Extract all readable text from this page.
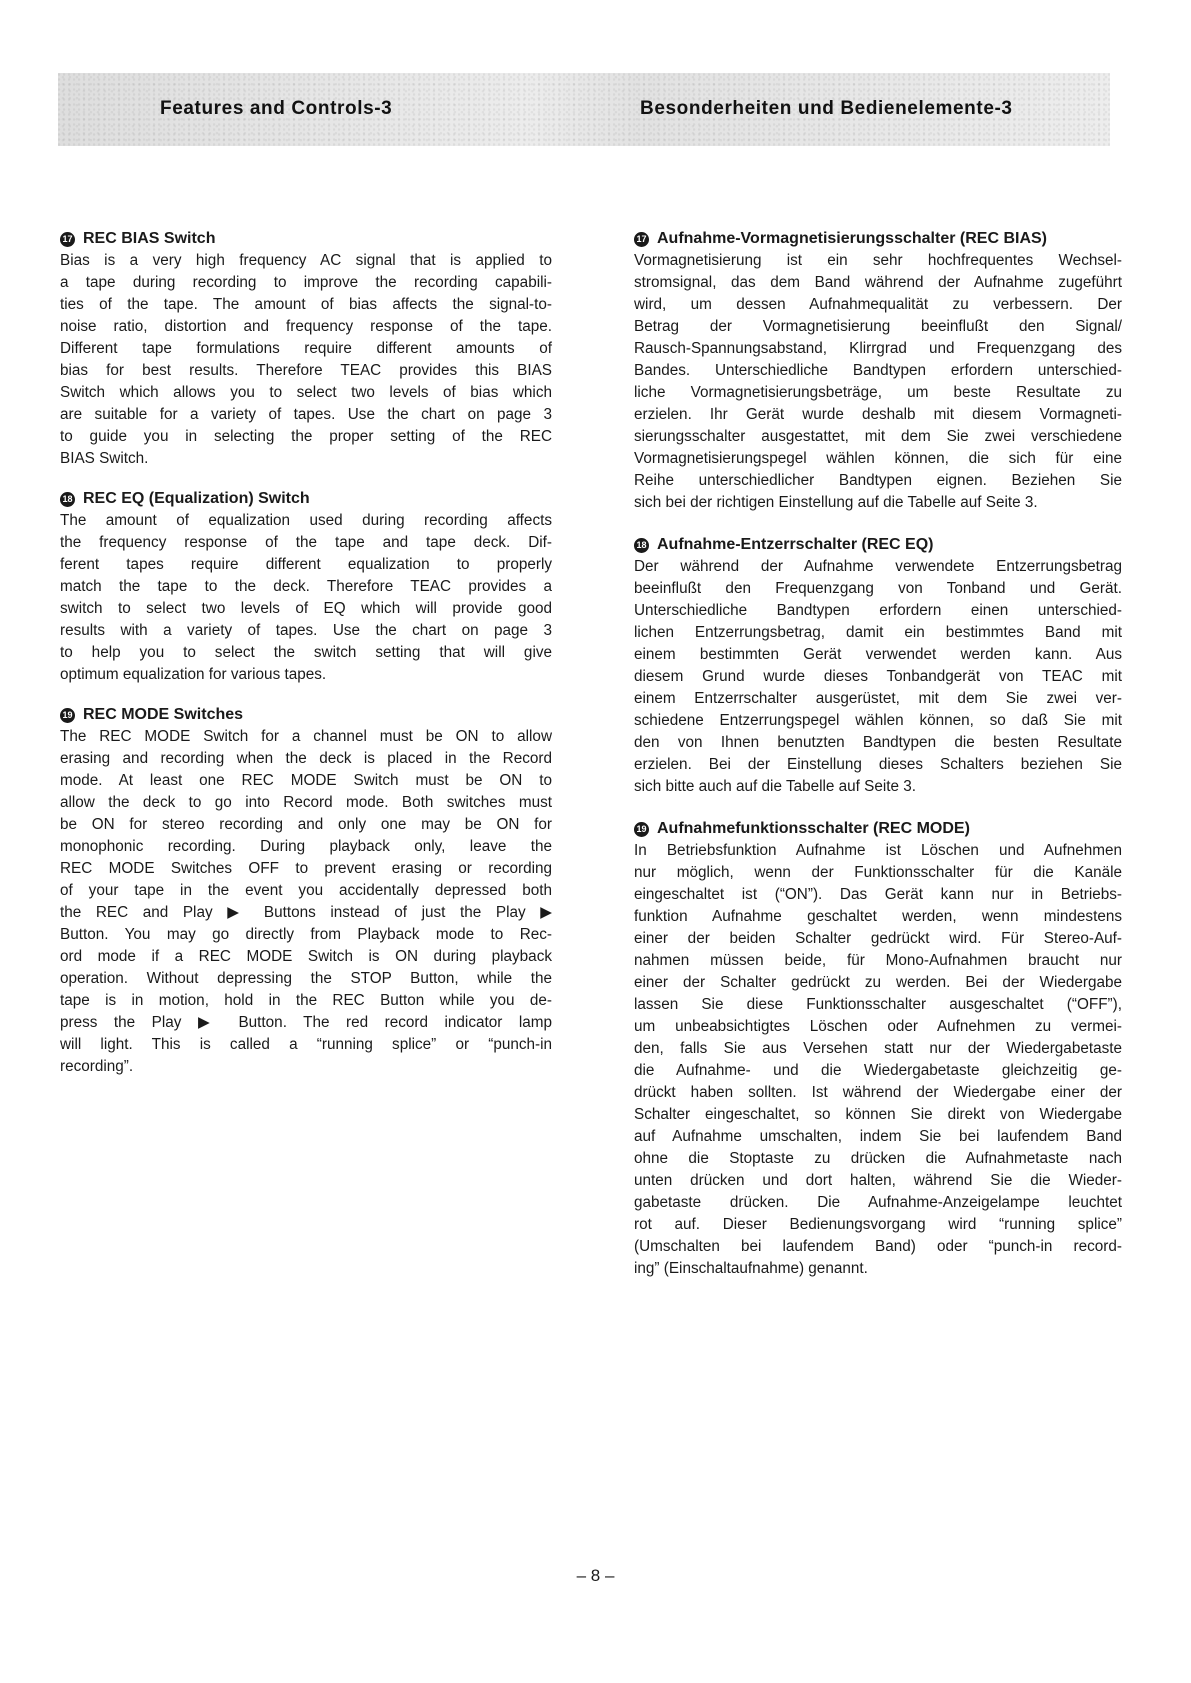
Features and Controls-3	Besonderheiten und Bedienelemente-3
17 REC BIAS Switch
Bias is a very high frequency AC signal that is applied to
a tape during recording to improve the recording capabili-
ties of the tape. The amount of bias affects the signal-to-
noise ratio, distortion and frequency response of the tape.
Different tape formulations require different amounts of
bias for best results. Therefore TEAC provides this BIAS
Switch which allows you to select two levels of bias which
are suitable for a variety of tapes. Use the chart on page 3
to guide you in selecting the proper setting of the REC
BIAS Switch.
18 REC EQ (Equalization) Switch
The amount of equalization used during recording affects
the frequency response of the tape and tape deck. Dif-
ferent tapes require different equalization to properly
match the tape to the deck. Therefore TEAC provides a
switch to select two levels of EQ which will provide good
results with a variety of tapes. Use the chart on page 3
to help you to select the switch setting that will give
optimum equalization for various tapes.
19 REC MODE Switches
The REC MODE Switch for a channel must be ON to allow
erasing and recording when the deck is placed in the Record
mode. At least one REC MODE Switch must be ON to
allow the deck to go into Record mode. Both switches must
be ON for stereo recording and only one may be ON for
monophonic recording. During playback only, leave the
REC MODE Switches OFF to prevent erasing or recording
of your tape in the event you accidentally depressed both
the REC and Play ▶ Buttons instead of just the Play ▶
Button. You may go directly from Playback mode to Rec-
ord mode if a REC MODE Switch is ON during playback
operation. Without depressing the STOP Button, while the
tape is in motion, hold in the REC Button while you de-
press the Play ▶ Button. The red record indicator lamp
will light. This is called a “running splice” or “punch-in
recording”.
17 Aufnahme-Vormagnetisierungsschalter (REC BIAS)
Vormagnetisierung ist ein sehr hochfrequentes Wechsel-
stromsignal, das dem Band während der Aufnahme zugeführt
wird, um dessen Aufnahmequalität zu verbessern. Der
Betrag der Vormagnetisierung beeinflußt den Signal/
Rausch-Spannungsabstand, Klirrgrad und Frequenzgang des
Bandes. Unterschiedliche Bandtypen erfordern unterschied-
liche Vormagnetisierungsbeträge, um beste Resultate zu
erzielen. Ihr Gerät wurde deshalb mit diesem Vormagneti-
sierungsschalter ausgestattet, mit dem Sie zwei verschiedene
Vormagnetisierungspegel wählen können, die sich für eine
Reihe unterschiedlicher Bandtypen eignen. Beziehen Sie
sich bei der richtigen Einstellung auf die Tabelle auf Seite 3.
18 Aufnahme-Entzerrschalter (REC EQ)
Der während der Aufnahme verwendete Entzerrungsbetrag
beeinflußt den Frequenzgang von Tonband und Gerät.
Unterschiedliche Bandtypen erfordern einen unterschied-
lichen Entzerrungsbetrag, damit ein bestimmtes Band mit
einem bestimmten Gerät verwendet werden kann. Aus
diesem Grund wurde dieses Tonbandgerät von TEAC mit
einem Entzerrschalter ausgerüstet, mit dem Sie zwei ver-
schiedene Entzerrungspegel wählen können, so daß Sie mit
den von Ihnen benutzten Bandtypen die besten Resultate
erzielen. Bei der Einstellung dieses Schalters beziehen Sie
sich bitte auch auf die Tabelle auf Seite 3.
19 Aufnahmefunktionsschalter (REC MODE)
In Betriebsfunktion Aufnahme ist Löschen und Aufnehmen
nur möglich, wenn der Funktionsschalter für die Kanäle
eingeschaltet ist (“ON”). Das Gerät kann nur in Betriebs-
funktion Aufnahme geschaltet werden, wenn mindestens
einer der beiden Schalter gedrückt wird. Für Stereo-Auf-
nahmen müssen beide, für Mono-Aufnahmen braucht nur
einer der Schalter gedrückt zu werden. Bei der Wiedergabe
lassen Sie diese Funktionsschalter ausgeschaltet (“OFF”),
um unbeabsichtigtes Löschen oder Aufnehmen zu vermei-
den, falls Sie aus Versehen statt nur der Wiedergabetaste
die Aufnahme- und die Wiedergabetaste gleichzeitig ge-
drückt haben sollten. Ist während der Wiedergabe einer der
Schalter eingeschaltet, so können Sie direkt von Wiedergabe
auf Aufnahme umschalten, indem Sie bei laufendem Band
ohne die Stoptaste zu drücken die Aufnahmetaste nach
unten drücken und dort halten, während Sie die Wieder-
gabetaste drücken. Die Aufnahme-Anzeigelampe leuchtet
rot auf. Dieser Bedienungsvorgang wird “running splice”
(Umschalten bei laufendem Band) oder “punch-in record-
ing” (Einschaltaufnahme) genannt.
– 8 –
